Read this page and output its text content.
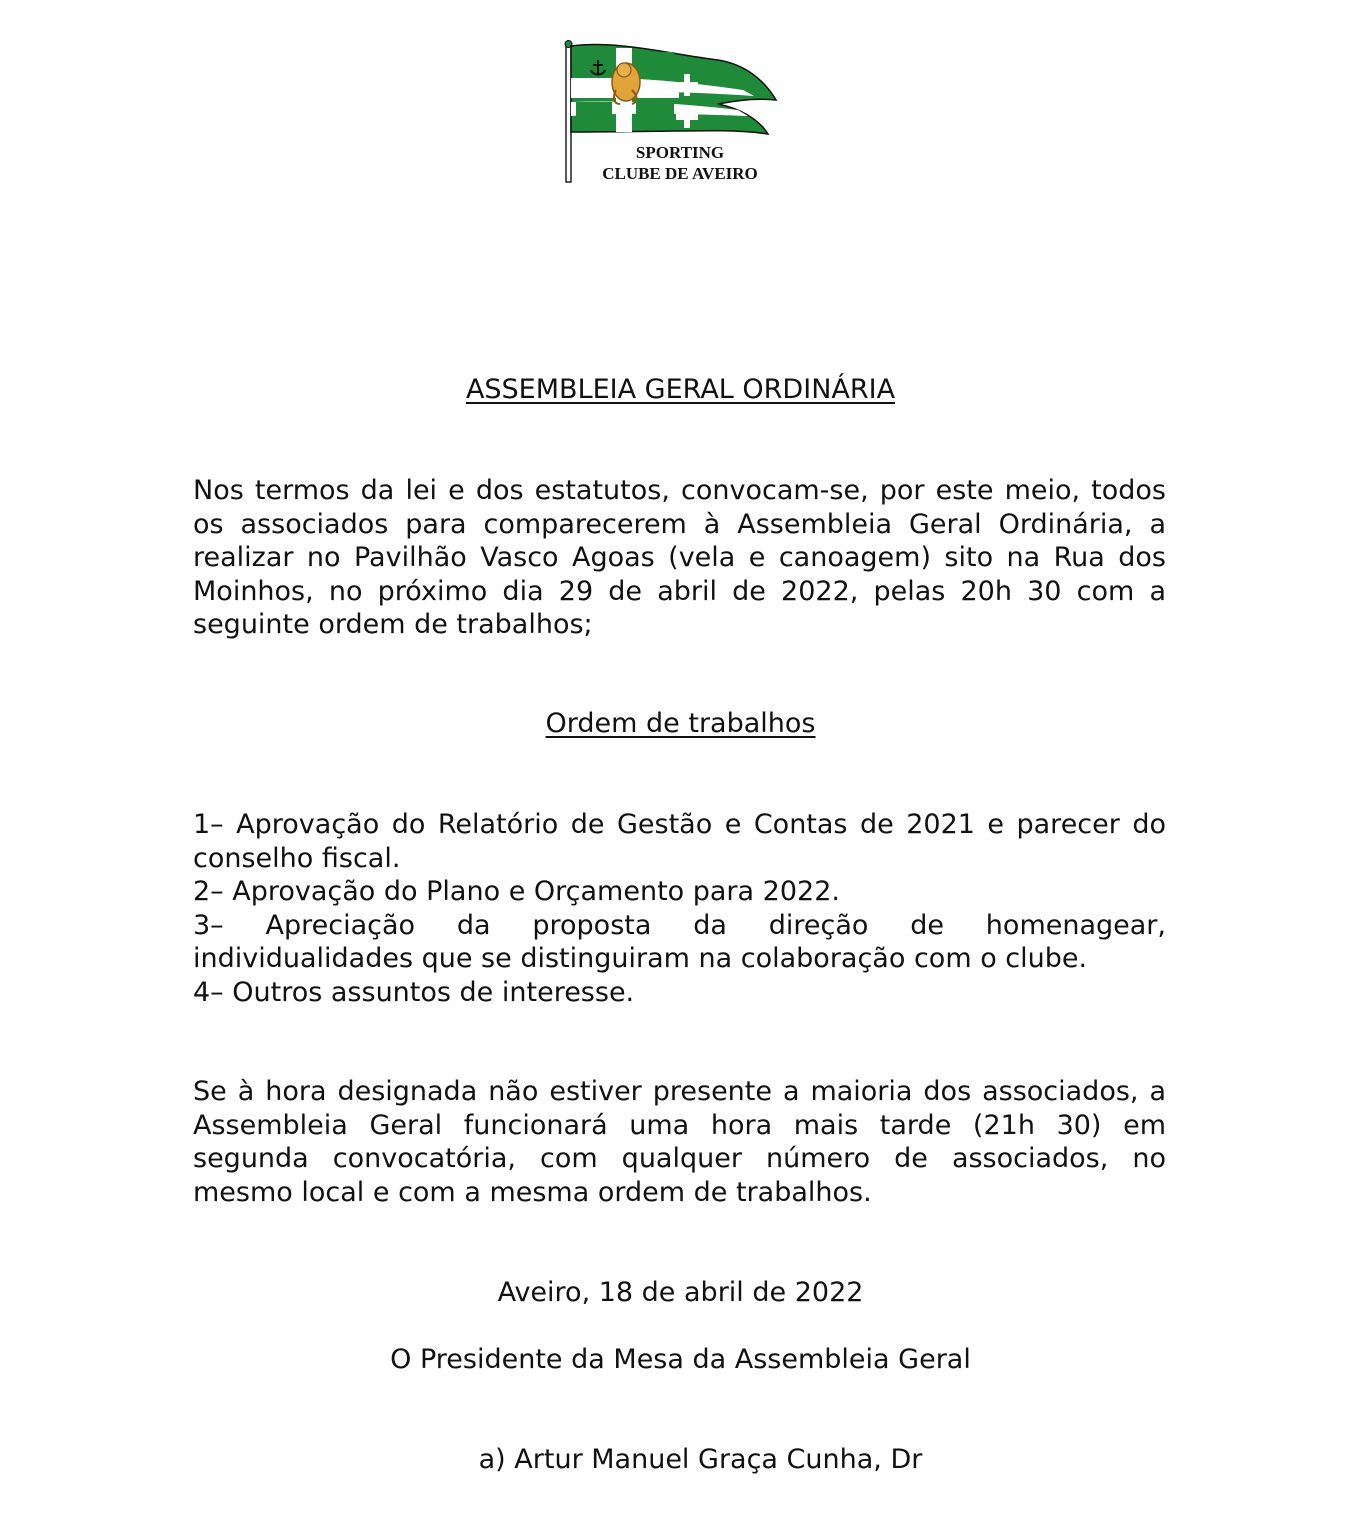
SPORTING
CLUBE DE AVEIRO
ASSEMBLEIA GERAL ORDINÁRIA

Nos termos da lei e dos estatutos, convocam-se, por este meio, todos os associados para comparecerem à Assembleia Geral Ordinária, a realizar no Pavilhão Vasco Agoas (vela e canoagem) sito na Rua dos Moinhos, no próximo dia 29 de abril de 2022, pelas 20h 30 com a seguinte ordem de trabalhos;

Ordem de trabalhos
1– Aprovação do Relatório de Gestão e Contas de 2021 e parecer do conselho fiscal.
2– Aprovação do Plano e Orçamento para 2022.
3– Apreciação da proposta da direção de homenagear,
individualidades que se distinguiram na colaboração com o clube.
4– Outros assuntos de interesse.

Se à hora designada não estiver presente a maioria dos associados, a Assembleia Geral funcionará uma hora mais tarde (21h 30) em segunda convocatória, com qualquer número de associados, no mesmo local e com a mesma ordem de trabalhos.

Aveiro, 18 de abril de 2022

O Presidente da Mesa da Assembleia Geral

a) Artur Manuel Graça Cunha, Dr
